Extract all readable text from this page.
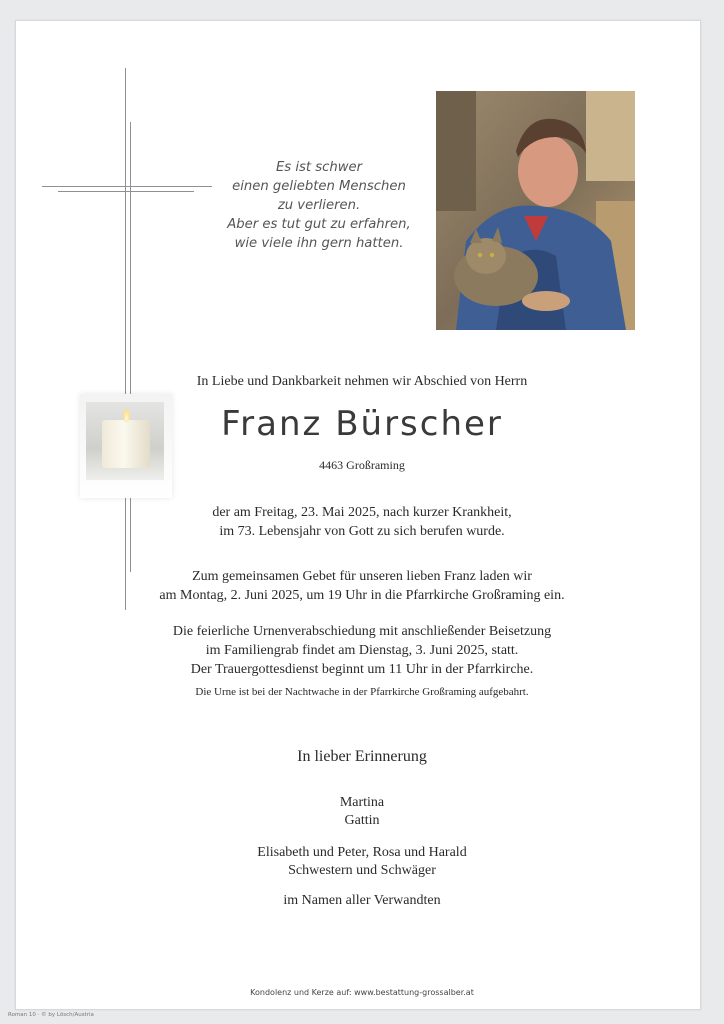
Es ist schwer
einen geliebten Menschen
zu verlieren.
Aber es tut gut zu erfahren,
wie viele ihn gern hatten.
In Liebe und Dankbarkeit nehmen wir Abschied von Herrn
Franz Bürscher
4463 Großraming
der am Freitag, 23. Mai 2025, nach kurzer Krankheit,
im 73. Lebensjahr von Gott zu sich berufen wurde.
Zum gemeinsamen Gebet für unseren lieben Franz laden wir
am Montag, 2. Juni 2025, um 19 Uhr in die Pfarrkirche Großraming ein.
Die feierliche Urnenverabschiedung mit anschließender Beisetzung
im Familiengrab findet am Dienstag, 3. Juni 2025, statt.
Der Trauergottesdienst beginnt um 11 Uhr in der Pfarrkirche.
Die Urne ist bei der Nachtwache in der Pfarrkirche Großraming aufgebahrt.
In lieber Erinnerung
Martina
Gattin
Elisabeth und Peter, Rosa und Harald
Schwestern und Schwäger
im Namen aller Verwandten
Kondolenz und Kerze auf: www.bestattung-grossalber.at
Roman 10 · © by Lösch/Austria
